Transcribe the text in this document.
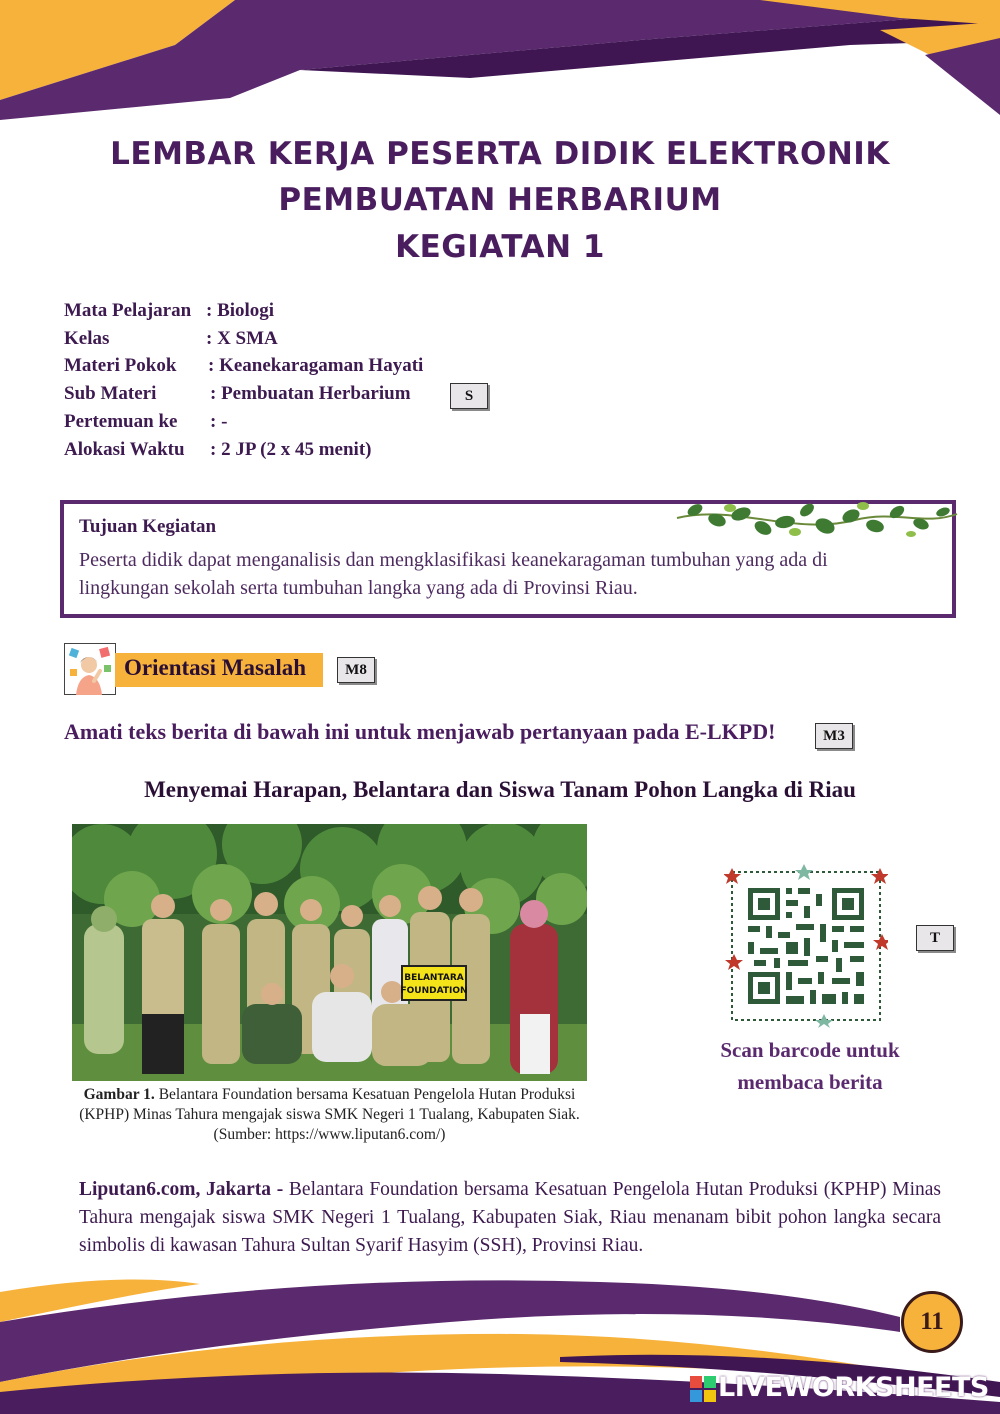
LEMBAR KERJA PESERTA DIDIK ELEKTRONIK
PEMBUATAN HERBARIUM
KEGIATAN 1
Mata Pelajaran : Biologi
Kelas	: X SMA
Materi Pokok : Keanekaragaman Hayati
Sub Materi	: Pembuatan Herbarium
Pertemuan ke : -
Alokasi Waktu : 2 JP (2 x 45 menit)
S
Tujuan Kegiatan
Peserta didik dapat menganalisis dan mengklasifikasi keanekaragaman tumbuhan yang ada di lingkungan sekolah serta tumbuhan langka yang ada di Provinsi Riau.
Orientasi Masalah	M8
Amati teks berita di bawah ini untuk menjawab pertanyaan pada E-LKPD!	M3
Menyemai Harapan, Belantara dan Siswa Tanam Pohon Langka di Riau
BELANTARA
FOUNDATION
Gambar 1. Belantara Foundation bersama Kesatuan Pengelola Hutan Produksi (KPHP) Minas Tahura mengajak siswa SMK Negeri 1 Tualang, Kabupaten Siak.
(Sumber: https://www.liputan6.com/)
T
Scan barcode untuk
membaca berita
Liputan6.com, Jakarta - Belantara Foundation bersama Kesatuan Pengelola Hutan Produksi (KPHP) Minas Tahura mengajak siswa SMK Negeri 1 Tualang, Kabupaten Siak, Riau menanam bibit pohon langka secara simbolis di kawasan Tahura Sultan Syarif Hasyim (SSH), Provinsi Riau.
11
LIVEWORKSHEETS
